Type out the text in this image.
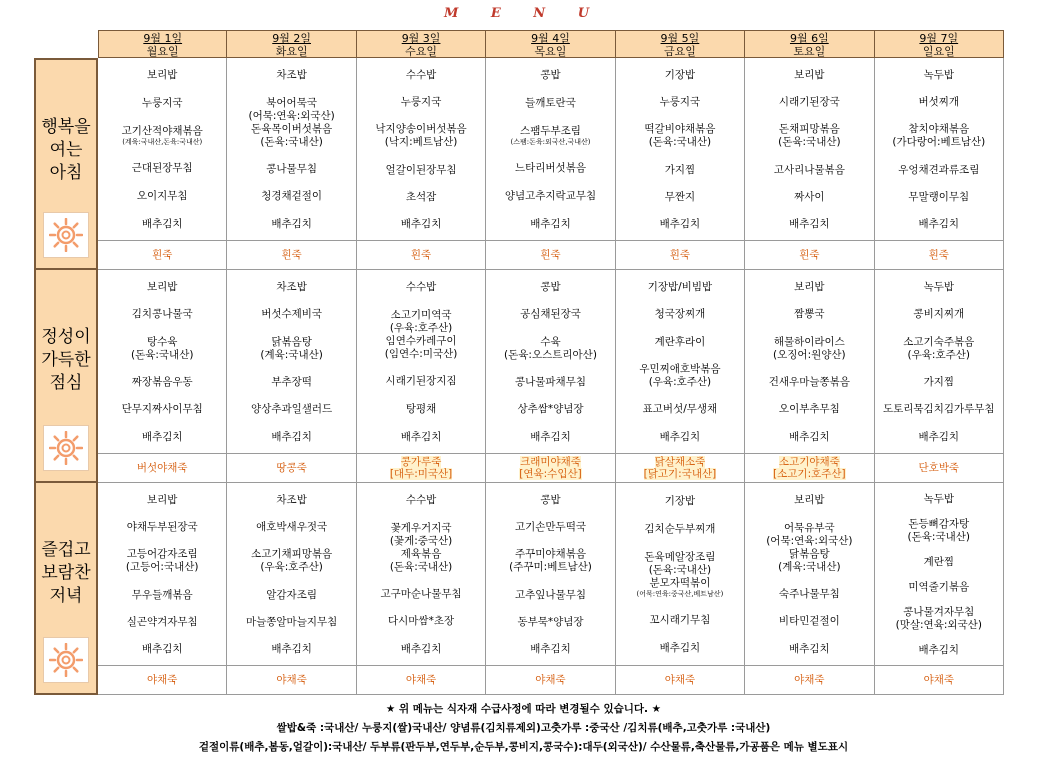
M E N U
9월 1일
월요일
9월 2일
화요일
9월 3일
수요일
9월 4일
목요일
9월 5일
금요일
9월 6일
토요일
9월 7일
일요일
행복을
여는
아침
보리밥
누룽지국
고기산적야채볶음
(계육:국내산,돈육:국내산)
근대된장무침
오이지무침
배추김치
흰죽
차조밥
북어어묵국
(어묵:연육:외국산)
돈육목이버섯볶음
(돈육:국내산)
콩나물무침
청경채겉절이
배추김치
흰죽
수수밥
누룽지국
낙지양송이버섯볶음
(낙지:베트남산)
얼갈이된장무침
초석잠
배추김치
흰죽
콩밥
들깨토란국
스팸두부조림
(스팸:돈육:외국산,국내산)
느타리버섯볶음
양념고추지락교무침
배추김치
흰죽
기장밥
누룽지국
떡갈비야채볶음
(돈육:국내산)
가지찜
무짠지
배추김치
흰죽
보리밥
시래기된장국
돈채피망볶음
(돈육:국내산)
고사리나물볶음
짜사이
배추김치
흰죽
녹두밥
버섯찌개
참치야채볶음
(가다랑어:베트남산)
우엉채견과류조림
무말랭이무침
배추김치
흰죽
정성이
가득한
점심
보리밥
김치콩나물국
탕수육
(돈육:국내산)
짜장볶음우동
단무지짜사이무침
배추김치
버섯야채죽
차조밥
버섯수제비국
닭볶음탕
(계육:국내산)
부추장떡
양상추과일샐러드
배추김치
땅콩죽
수수밥
소고기미역국
(우육:호주산)
임연수카레구이
(임연수:미국산)
시래기된장지짐
탕평채
배추김치
콩가루죽
[대두:미국산]
콩밥
공심채된장국
수육
(돈육:오스트리아산)
콩나물파채무침
상추쌈*양념장
배추김치
크래미야채죽
[연육:수입산]
기장밥/비빔밥
청국장찌개
계란후라이
우민찌애호박볶음
(우육:호주산)
표고버섯/무생채
배추김치
닭살채소죽
[닭고기:국내산]
보리밥
짬뽕국
해물하이라이스
(오징어:원양산)
건새우마늘쫑볶음
오이부추무침
배추김치
소고기야채죽
[소고기:호주산]
녹두밥
콩비지찌개
소고기숙주볶음
(우육:호주산)
가지찜
도토리묵김치김가루무침
배추김치
단호박죽
즐겁고
보람찬
저녁
보리밥
야채두부된장국
고등어감자조림
(고등어:국내산)
무우들깨볶음
실곤약겨자무침
배추김치
야채죽
차조밥
애호박새우젓국
소고기채피망볶음
(우육:호주산)
알감자조림
마늘쫑알마늘지무침
배추김치
야채죽
수수밥
꽃게우거지국
(꽃게:중국산)
제육볶음
(돈육:국내산)
고구마순나물무침
다시마쌈*초장
배추김치
야채죽
콩밥
고기손만두떡국
주꾸미야채볶음
(주꾸미:베트남산)
고추잎나물무침
동부묵*양념장
배추김치
야채죽
기장밥
김치순두부찌개
돈육메알장조림
(돈육:국내산)
분모자떡볶이
(어묵:연육:중국산,베트남산)
꼬시래기무침
배추김치
야채죽
보리밥
어묵유부국
(어묵:연육:외국산)
닭볶음탕
(계육:국내산)
숙주나물무침
비타민겉절이
배추김치
야채죽
녹두밥
돈등뼈감자탕
(돈육:국내산)
계란찜
미역줄기볶음
콩나물겨자무침
(맛살:연육:외국산)
배추김치
야채죽
★ 위 메뉴는 식자재 수급사정에 따라 변경될수 있습니다. ★
쌀밥&죽 :국내산/ 누룽지(쌀)국내산/ 양념류(김치류제외)고춧가루 :중국산 /김치류(배추,고춧가루 :국내산)
겉절이류(배추,봄동,얼갈이):국내산/ 두부류(판두부,연두부,순두부,콩비지,콩국수):대두(외국산)/ 수산물류,축산물류,가공품은 메뉴 별도표시
